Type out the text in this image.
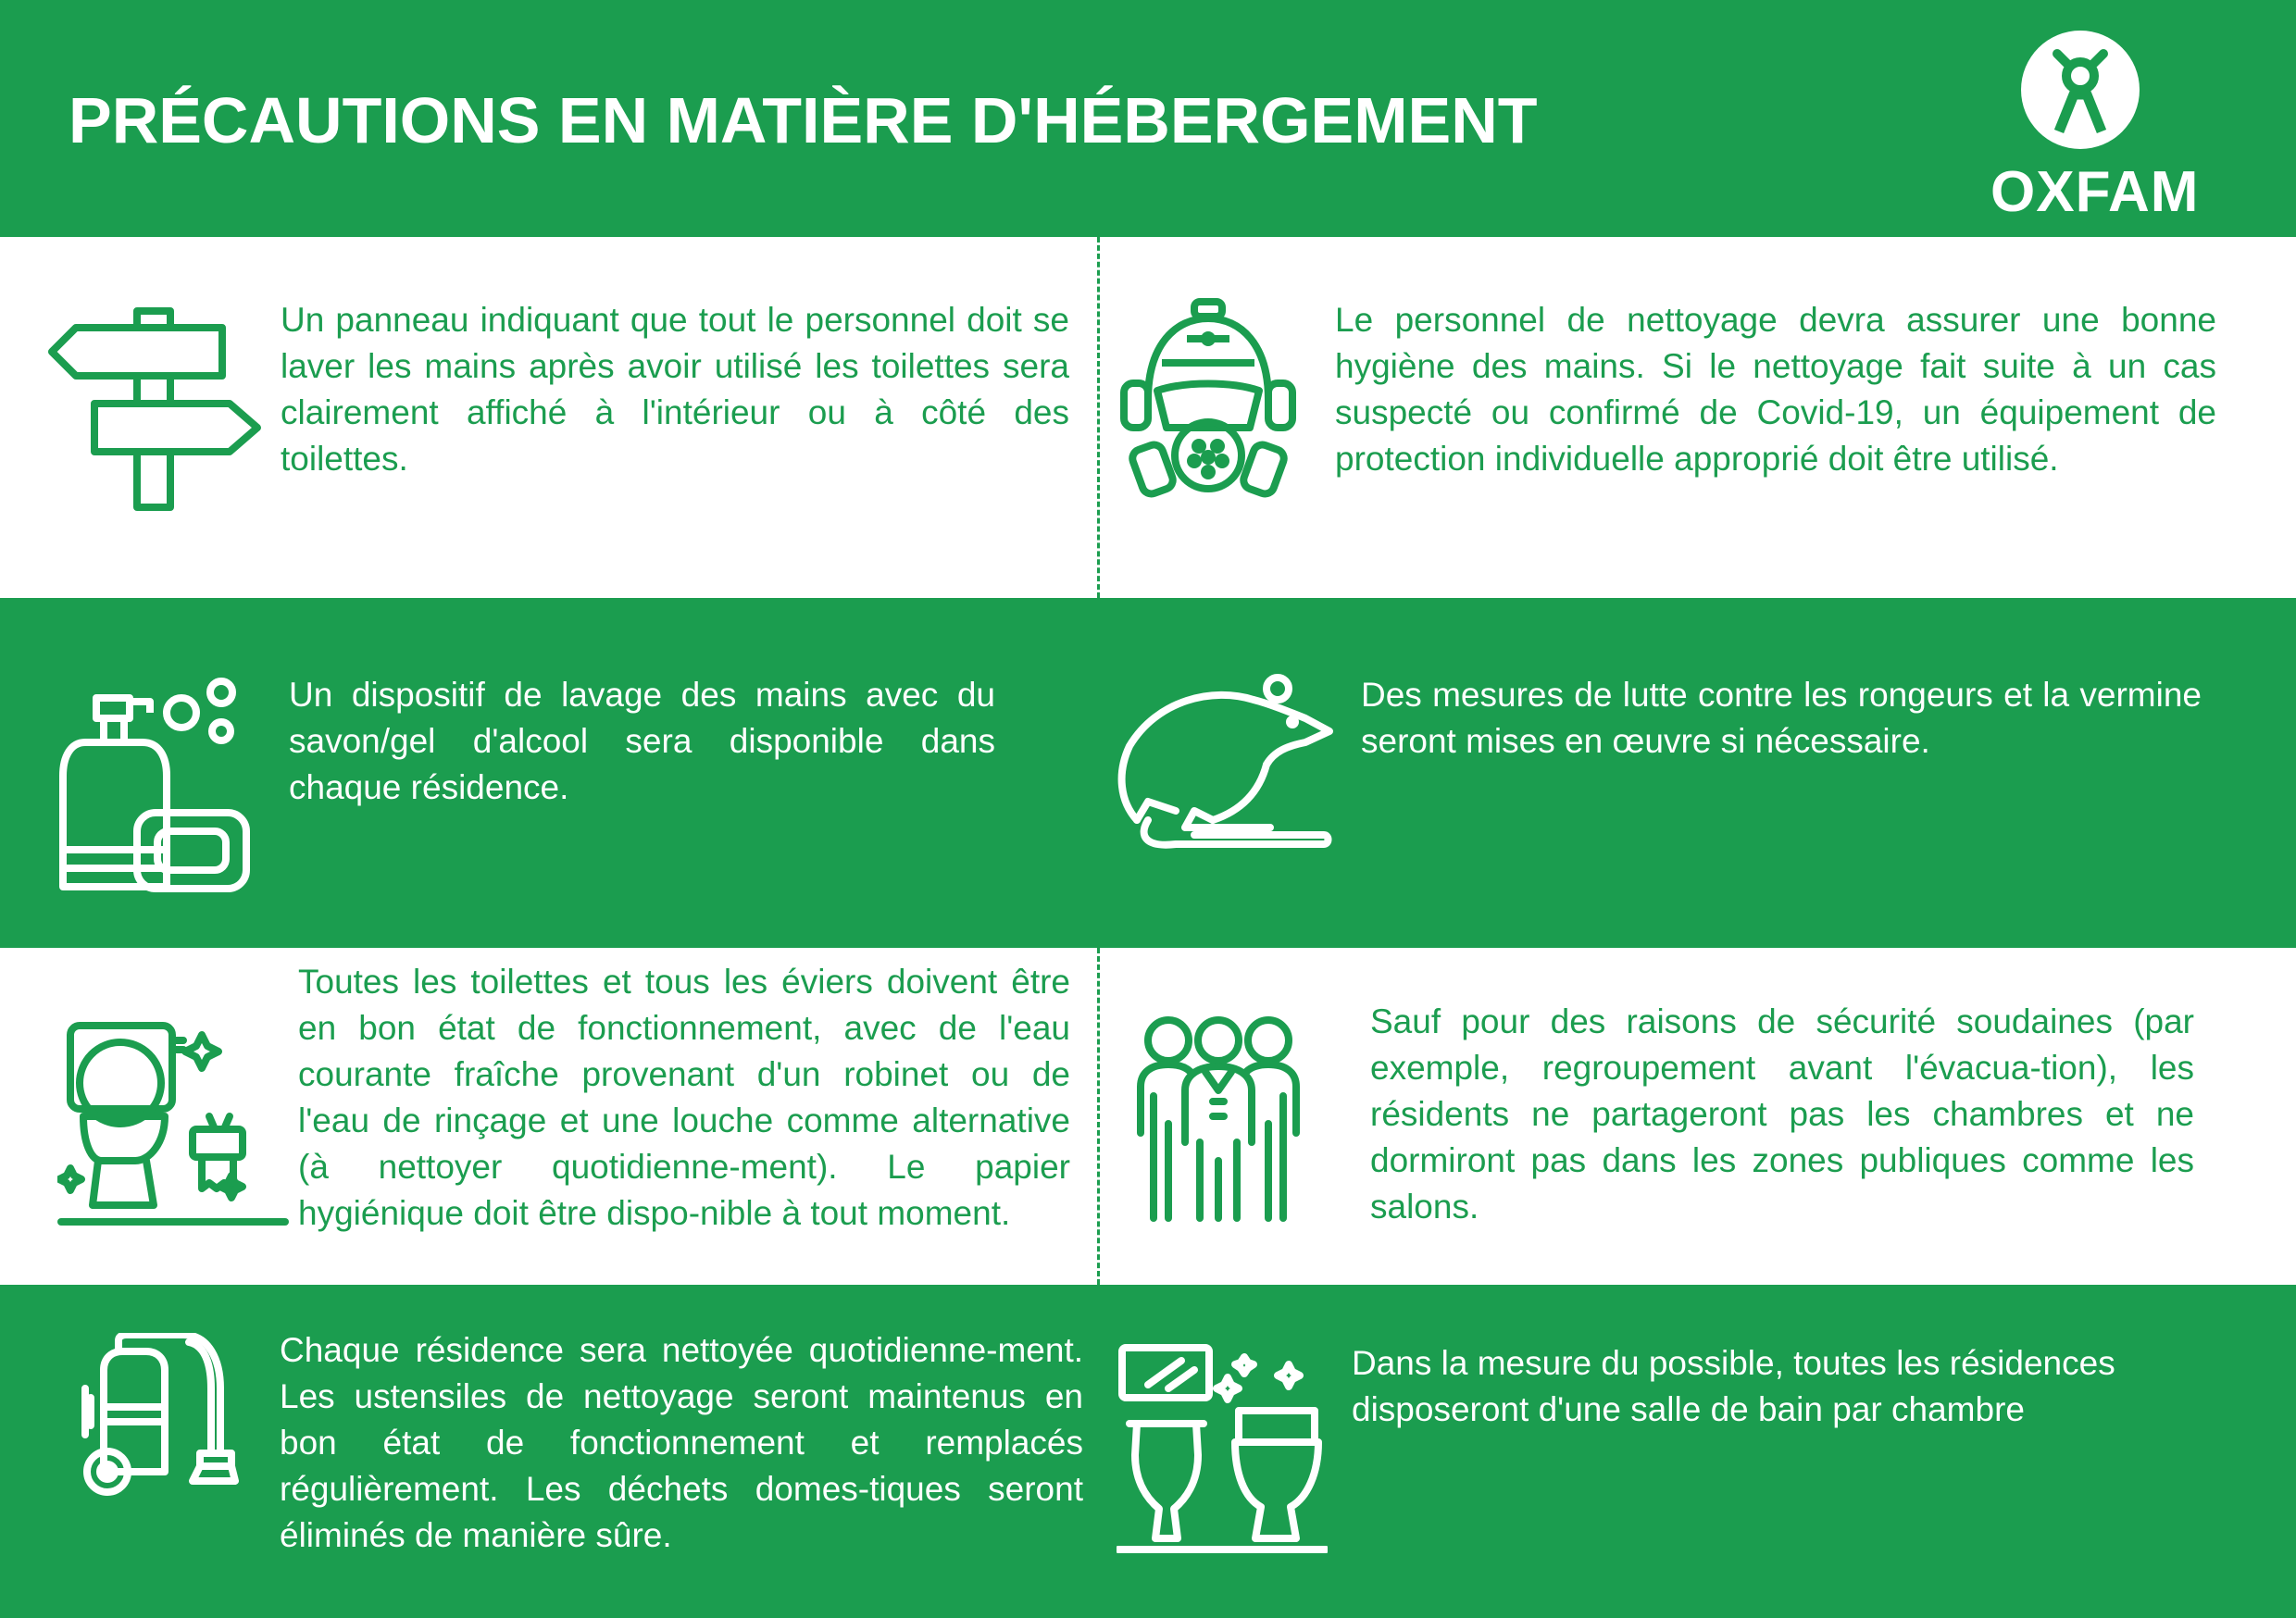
PRÉCAUTIONS EN MATIÈRE D'HÉBERGEMENT
OXFAM
Un panneau indiquant que tout le personnel doit se laver les mains après avoir utilisé les toilettes sera clairement affiché à l'intérieur ou à côté des toilettes.
Le personnel de nettoyage devra assurer une bonne hygiène des mains. Si le nettoyage fait suite à un cas suspecté ou confirmé de Covid-19, un équipement de protection individuelle approprié doit être utilisé.
Un dispositif de lavage des mains avec du savon/gel d'alcool sera disponible dans chaque résidence.
Des mesures de lutte contre les rongeurs et la vermine seront mises en œuvre si nécessaire.
Toutes les toilettes et tous les éviers doivent être en bon état de fonctionnement, avec de l'eau courante fraîche provenant d'un robinet ou de l'eau de rinçage et une louche comme alternative (à nettoyer quotidienne-ment). Le papier hygiénique doit être dispo-nible à tout moment.
Sauf pour des raisons de sécurité soudaines (par exemple, regroupement avant l'évacua-tion), les résidents ne partageront pas les chambres et ne dormiront pas dans les zones publiques comme les salons.
Chaque résidence sera nettoyée quotidienne-ment. Les ustensiles de nettoyage seront maintenus en bon état de fonctionnement et remplacés régulièrement. Les déchets domes-tiques seront éliminés de manière sûre.
Dans la mesure du possible, toutes les résidences disposeront d'une salle de bain par chambre
